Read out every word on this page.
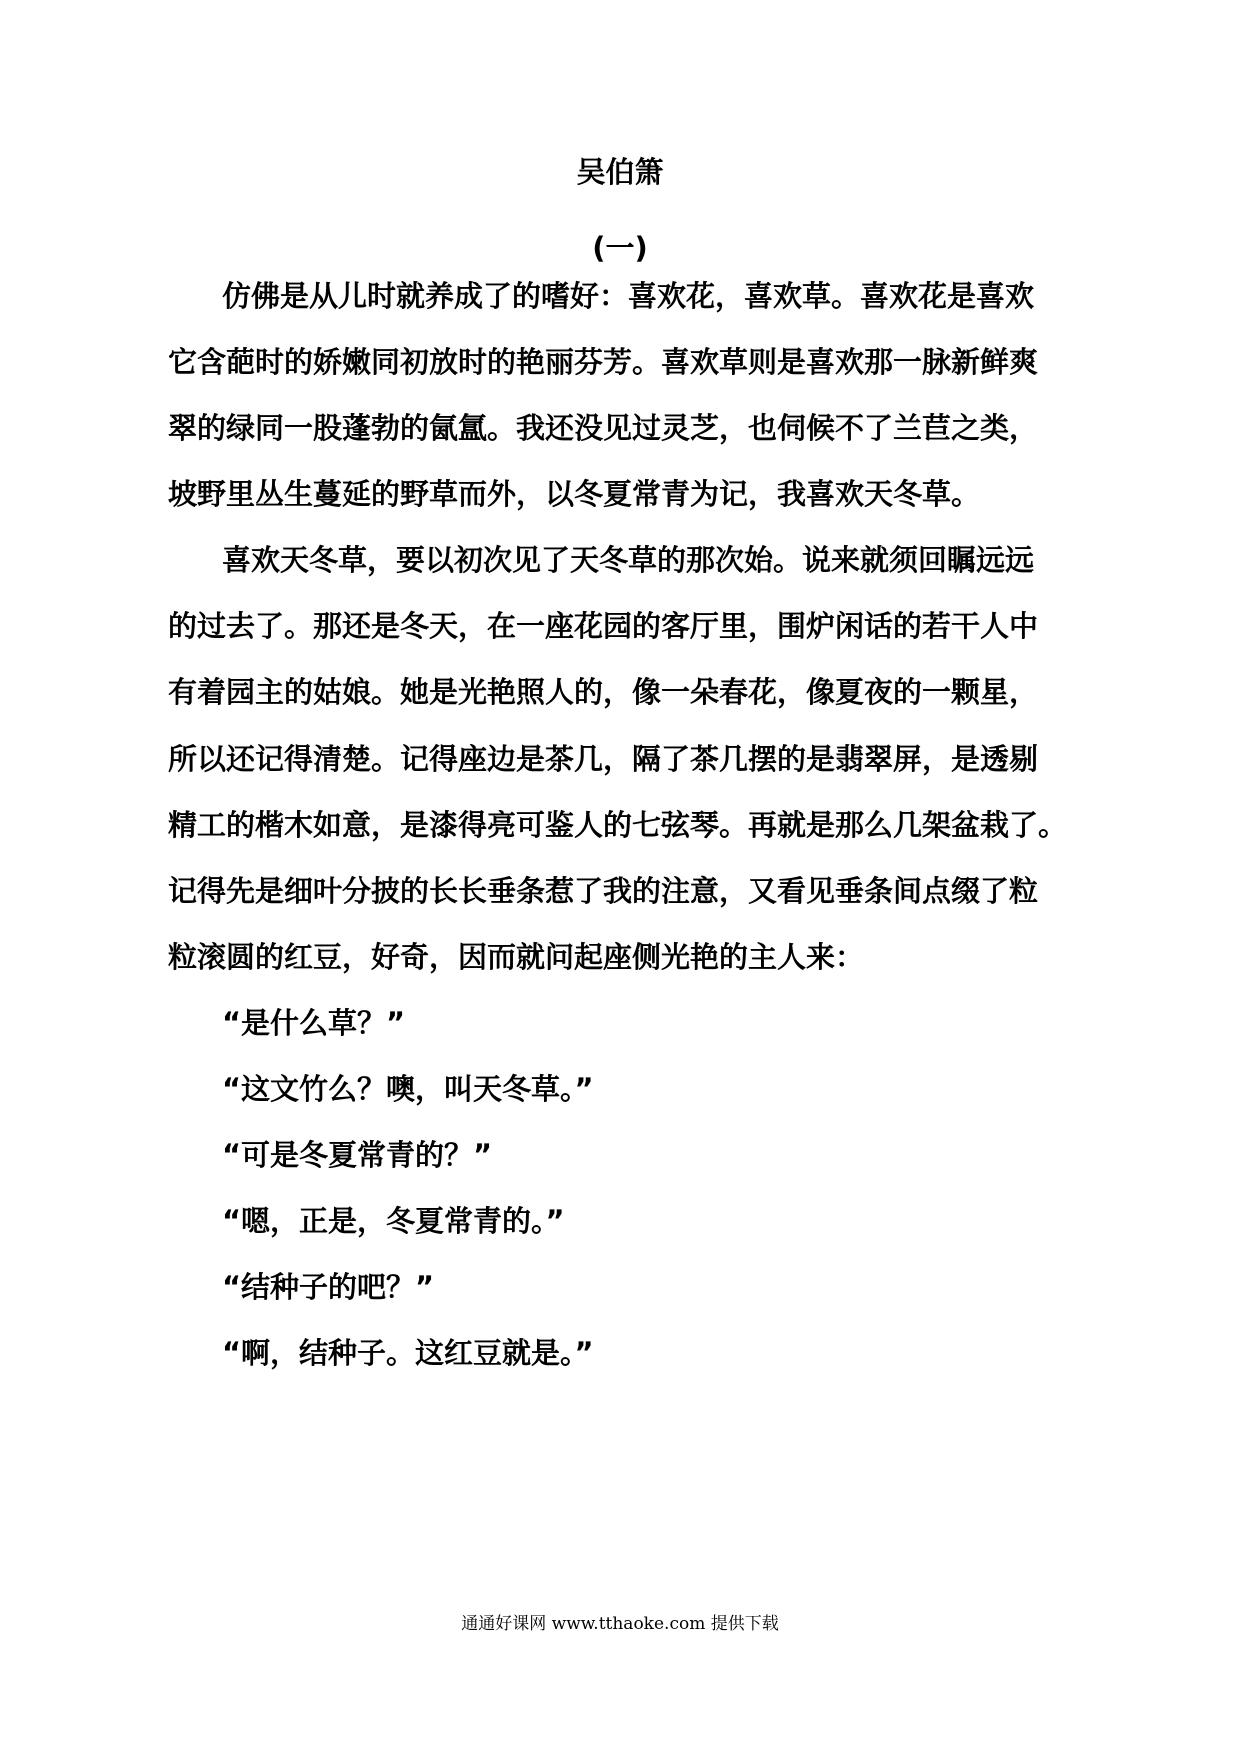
吴伯箫
(一)
仿佛是从儿时就养成了的嗜好：喜欢花，喜欢草。喜欢花是喜欢
它含葩时的娇嫩同初放时的艳丽芬芳。喜欢草则是喜欢那一脉新鲜爽
翠的绿同一股蓬勃的氤氲。我还没见过灵芝，也伺候不了兰苣之类，
坡野里丛生蔓延的野草而外，以冬夏常青为记，我喜欢天冬草。
喜欢天冬草，要以初次见了天冬草的那次始。说来就须回瞩远远
的过去了。那还是冬天，在一座花园的客厅里，围炉闲话的若干人中
有着园主的姑娘。她是光艳照人的，像一朵春花，像夏夜的一颗星，
所以还记得清楚。记得座边是茶几，隔了茶几摆的是翡翠屏，是透剔
精工的楷木如意，是漆得亮可鉴人的七弦琴。再就是那么几架盆栽了。
记得先是细叶分披的长长垂条惹了我的注意，又看见垂条间点缀了粒
粒滚圆的红豆，好奇，因而就问起座侧光艳的主人来：
“是什么草？”
“这文竹么？噢，叫天冬草。”
“可是冬夏常青的？”
“嗯，正是，冬夏常青的。”
“结种子的吧？”
“啊，结种子。这红豆就是。”
通通好课网 www.tthaoke.com 提供下载
